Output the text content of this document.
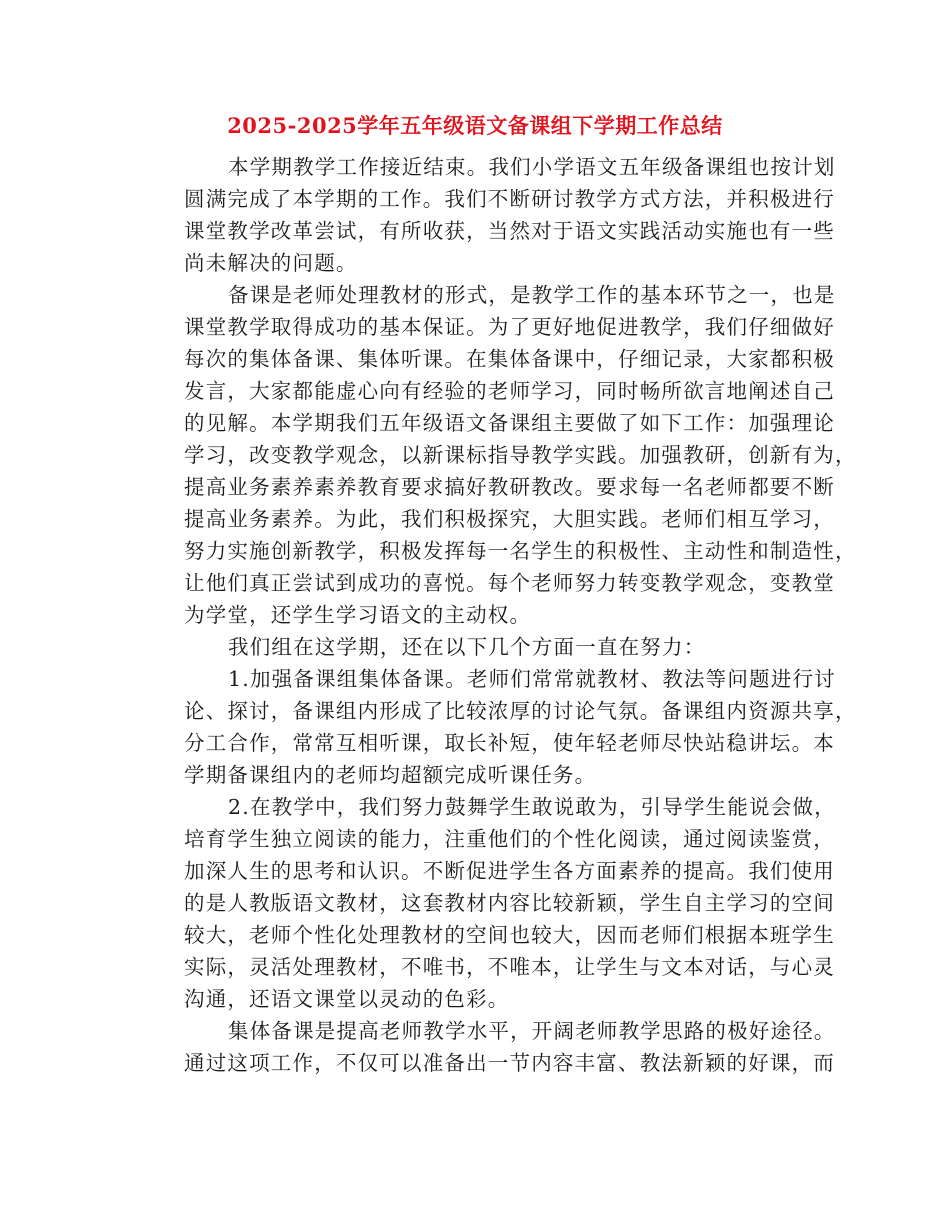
2025-2025学年五年级语文备课组下学期工作总结
本学期教学工作接近结束。我们小学语文五年级备课组也按计划
圆满完成了本学期的工作。我们不断研讨教学方式方法，并积极进行
课堂教学改革尝试，有所收获，当然对于语文实践活动实施也有一些
尚未解决的问题。
备课是老师处理教材的形式，是教学工作的基本环节之一，也是
课堂教学取得成功的基本保证。为了更好地促进教学，我们仔细做好
每次的集体备课、集体听课。在集体备课中，仔细记录，大家都积极
发言，大家都能虚心向有经验的老师学习，同时畅所欲言地阐述自己
的见解。本学期我们五年级语文备课组主要做了如下工作：加强理论
学习，改变教学观念，以新课标指导教学实践。加强教研，创新有为，
提高业务素养素养教育要求搞好教研教改。要求每一名老师都要不断
提高业务素养。为此，我们积极探究，大胆实践。老师们相互学习，
努力实施创新教学，积极发挥每一名学生的积极性、主动性和制造性，
让他们真正尝试到成功的喜悦。每个老师努力转变教学观念，变教堂
为学堂，还学生学习语文的主动权。
我们组在这学期，还在以下几个方面一直在努力：
1.加强备课组集体备课。老师们常常就教材、教法等问题进行讨
论、探讨，备课组内形成了比较浓厚的讨论气氛。备课组内资源共享，
分工合作，常常互相听课，取长补短，使年轻老师尽快站稳讲坛。本
学期备课组内的老师均超额完成听课任务。
2.在教学中，我们努力鼓舞学生敢说敢为，引导学生能说会做，
培育学生独立阅读的能力，注重他们的个性化阅读，通过阅读鉴赏，
加深人生的思考和认识。不断促进学生各方面素养的提高。我们使用
的是人教版语文教材，这套教材内容比较新颖，学生自主学习的空间
较大，老师个性化处理教材的空间也较大，因而老师们根据本班学生
实际，灵活处理教材，不唯书，不唯本，让学生与文本对话，与心灵
沟通，还语文课堂以灵动的色彩。
集体备课是提高老师教学水平，开阔老师教学思路的极好途径。
通过这项工作，不仅可以准备出一节内容丰富、教法新颖的好课，而
